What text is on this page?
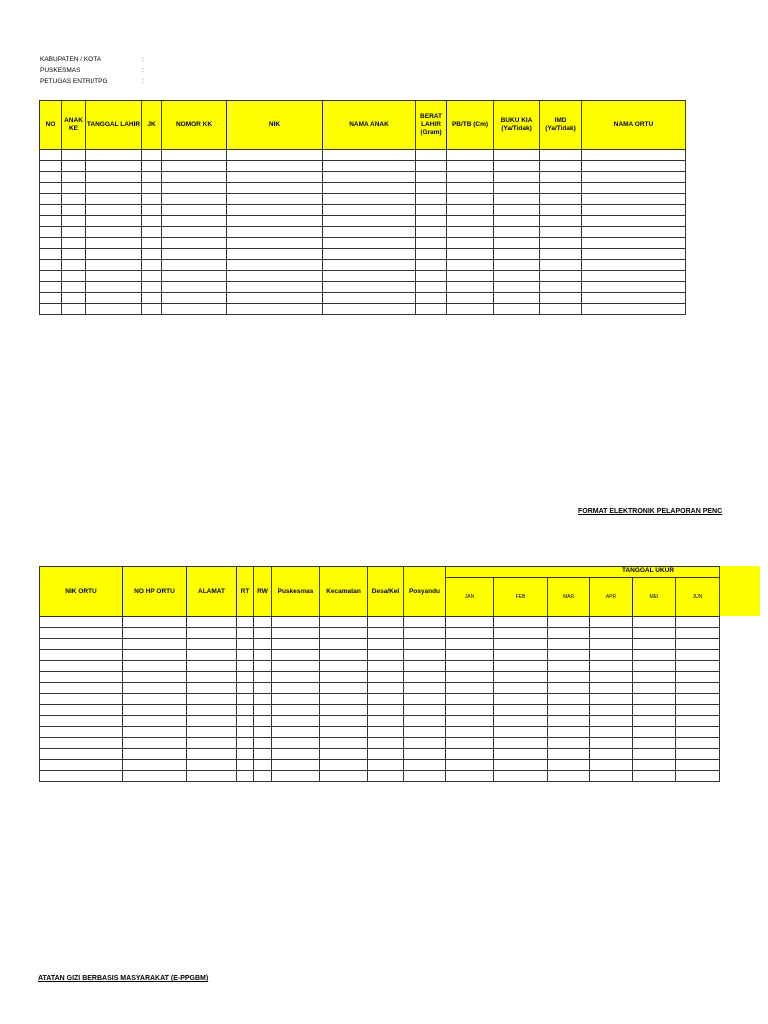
KABUPATEN / KOTA	:
PUSKESMAS	:
PETUGAS ENTRI/TPG	:
NO	ANAK KE	TANGGAL LAHIR	JK	NOMOR KK	NIK	NAMA ANAK	BERAT LAHIR (Gram)	PB/TB (Cm)	BUKU KIA (Ya/Tidak)	IMD (Ya/Tidak)	NAMA ORTU

FORMAT ELEKTRONIK PELAPORAN PENC
NIK ORTU	NO HP ORTU	ALAMAT	RT	RW	Puskesmas	Kecamatan	Desa/Kel	Posyandu	TANGGAL UKUR					
									JAN	FEB	MAR	APR	MEI	JUN

ATATAN GIZI BERBASIS MASYARAKAT (E-PPGBM)
